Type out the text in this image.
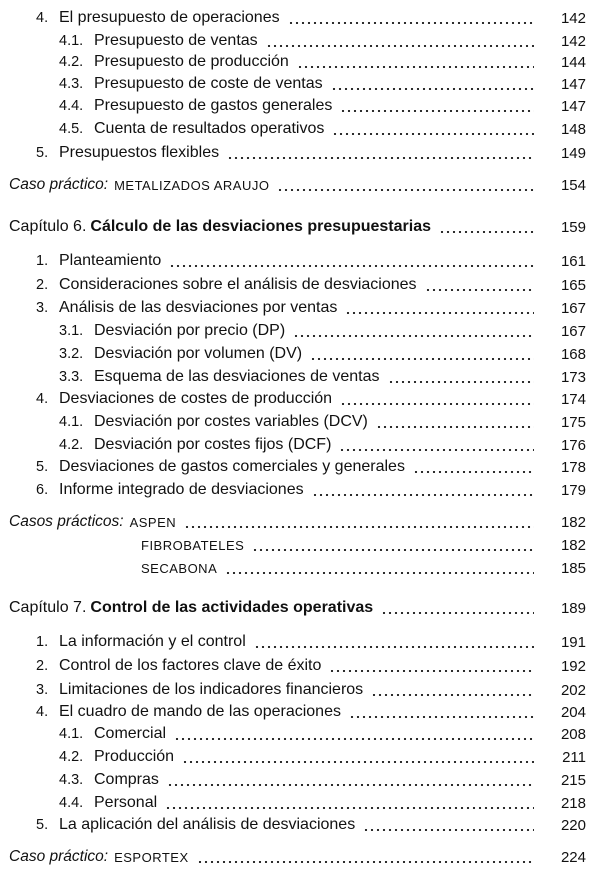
4. El presupuesto de operaciones	142
4.1. Presupuesto de ventas	142
4.2. Presupuesto de producción	144
4.3. Presupuesto de coste de ventas	147
4.4. Presupuesto de gastos generales	147
4.5. Cuenta de resultados operativos	148
5. Presupuestos flexibles	149
Caso práctico: METALIZADOS ARAUJO	154
Capítulo 6. Cálculo de las desviaciones presupuestarias	159
1. Planteamiento	161
2. Consideraciones sobre el análisis de desviaciones	165
3. Análisis de las desviaciones por ventas	167
3.1. Desviación por precio (DP)	167
3.2. Desviación por volumen (DV)	168
3.3. Esquema de las desviaciones de ventas	173
4. Desviaciones de costes de producción	174
4.1. Desviación por costes variables (DCV)	175
4.2. Desviación por costes fijos (DCF)	176
5. Desviaciones de gastos comerciales y generales	178
6. Informe integrado de desviaciones	179
Casos prácticos: ASPEN	182
FIBROBATELES	182
SECABONA	185
Capítulo 7. Control de las actividades operativas	189
1. La información y el control	191
2. Control de los factores clave de éxito	192
3. Limitaciones de los indicadores financieros	202
4. El cuadro de mando de las operaciones	204
4.1. Comercial	208
4.2. Producción	211
4.3. Compras	215
4.4. Personal	218
5. La aplicación del análisis de desviaciones	220
Caso práctico: ESPORTEX	224
